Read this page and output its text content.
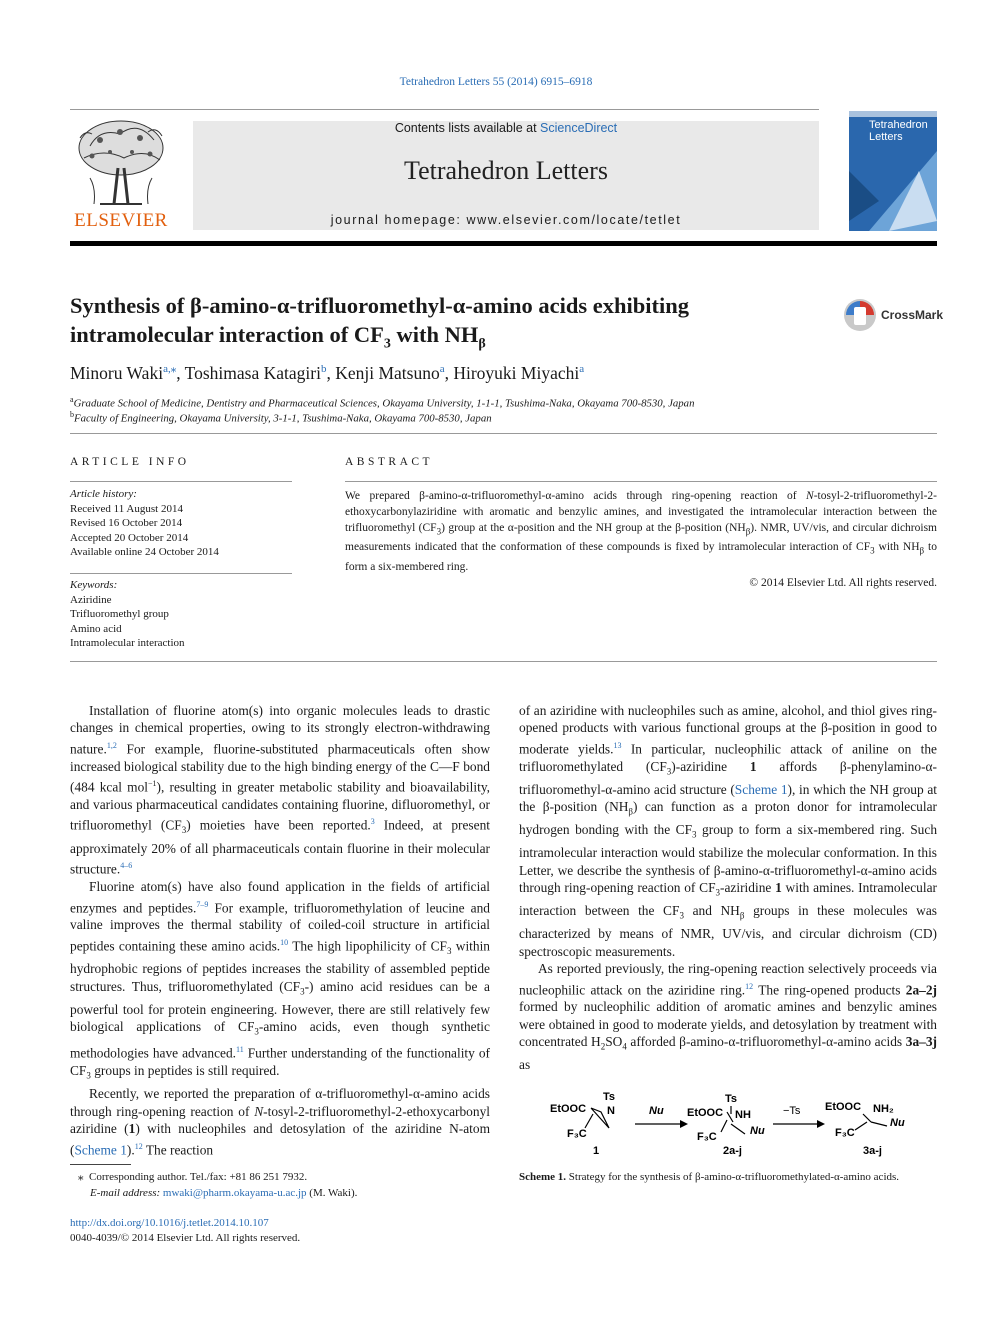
Tetrahedron Letters 55 (2014) 6915–6918
ELSEVIER
Contents lists available at ScienceDirect
Tetrahedron Letters
journal homepage: www.elsevier.com/locate/tetlet
Tetrahedron
Letters
Synthesis of β-amino-α-trifluoromethyl-α-amino acids exhibiting
intramolecular interaction of $CF_3$ with $NH_\beta$
CrossMark
Minoru Waki$^{a,⁎}$, Toshimasa Katagiri$^b$, Kenji Matsuno$^a$, Hiroyuki Miyachi$^a$
$^a$Graduate School of Medicine, Dentistry and Pharmaceutical Sciences, Okayama University, 1-1-1, Tsushima-Naka, Okayama 700-8530, Japan
$^b$Faculty of Engineering, Okayama University, 3-1-1, Tsushima-Naka, Okayama 700-8530, Japan
ARTICLE INFO
Article history:
Received 11 August 2014
Revised 16 October 2014
Accepted 20 October 2014
Available online 24 October 2014
Keywords:
Aziridine
Trifluoromethyl group
Amino acid
Intramolecular interaction
ABSTRACT
We prepared β-amino-α-trifluoromethyl-α-amino acids through ring-opening reaction of N-tosyl-2-trifluoromethyl-2-ethoxycarbonylaziridine with aromatic and benzylic amines, and investigated the intramolecular interaction between the trifluoromethyl $(CF_3)$ group at the α-position and the NH group at the β-position $(NH_\beta)$. NMR, UV/vis, and circular dichroism measurements indicated that the conformation of these compounds is fixed by intramolecular interaction of $CF_3$ with $NH_\beta$ to form a six-membered ring.
© 2014 Elsevier Ltd. All rights reserved.

Installation of fluorine atom(s) into organic molecules leads to drastic changes in chemical properties, owing to its strongly electron-withdrawing nature.$^{1,2}$ For example, fluorine-substituted pharmaceuticals often show increased biological stability due to the high binding energy of the C—F bond (484 kcal mol$^{-1}$), resulting in greater metabolic stability and bioavailability, and various pharmaceutical candidates containing fluorine, difluoromethyl, or trifluoromethyl $(CF_3)$ moieties have been reported.$^3$ Indeed, at present approximately 20% of all pharmaceuticals contain fluorine in their molecular structure.$^{4-6}$

Fluorine atom(s) have also found application in the fields of artificial enzymes and peptides.$^{7-9}$ For example, trifluoromethylation of leucine and valine improves the thermal stability of coiled-coil structure in artificial peptides containing these amino acids.$^{10}$ The high lipophilicity of $CF_3$ within hydrophobic regions of peptides increases the stability of assembled peptide structures. Thus, trifluoromethylated $(CF_3-)$ amino acid residues can be a powerful tool for protein engineering. However, there are still relatively few biological applications of $CF_3$-amino acids, even though synthetic methodologies have advanced.$^{11}$ Further understanding of the functionality of $CF_3$ groups in peptides is still required.

Recently, we reported the preparation of α-trifluoromethyl-α-amino acids through ring-opening reaction of N-tosyl-2-trifluoromethyl-2-ethoxycarbonyl aziridine (1) with nucleophiles and detosylation of the aziridine N-atom (Scheme 1).$^{12}$ The reaction

of an aziridine with nucleophiles such as amine, alcohol, and thiol gives ring-opened products with various functional groups at the β-position in good to moderate yields.$^{13}$ In particular, nucleophilic attack of aniline on the trifluoromethylated $(CF_3)$-aziridine 1 affords β-phenylamino-α-trifluoromethyl-α-amino acid structure (Scheme 1), in which the NH group at the β-position $(NH_\beta)$ can function as a proton donor for intramolecular hydrogen bonding with the $CF_3$ group to form a six-membered ring. Such intramolecular interaction would stabilize the molecular conformation. In this Letter, we describe the synthesis of β-amino-α-trifluoromethyl-α-amino acids through ring-opening reaction of $CF_3$-aziridine 1 with amines. Intramolecular interaction between the $CF_3$ and $NH_\beta$ groups in these molecules was characterized by means of NMR, UV/vis, and circular dichroism (CD) spectroscopic measurements.

As reported previously, the ring-opening reaction selectively proceeds via nucleophilic attack on the aziridine ring.$^{12}$ The ring-opened products 2a–2j formed by nucleophilic addition of aromatic amines and benzylic amines were obtained in good to moderate yields, and detosylation by treatment with concentrated $H_2SO_4$ afforded β-amino-α-trifluoromethyl-α-amino acids 3a–3j as

EtOOC
Ts
N
F₃C
1
Nu EtOOC
Ts
NH
F₃C	Nu
2a-j
−Ts EtOOC NH₂
F₃C
Nu
3a-j
Scheme 1. Strategy for the synthesis of β-amino-α-trifluoromethylated-α-amino acids.
⁎  Corresponding author. Tel./fax: +81 86 251 7932.
E-mail address: mwaki@pharm.okayama-u.ac.jp (M. Waki).
http://dx.doi.org/10.1016/j.tetlet.2014.10.107
0040-4039/© 2014 Elsevier Ltd. All rights reserved.
